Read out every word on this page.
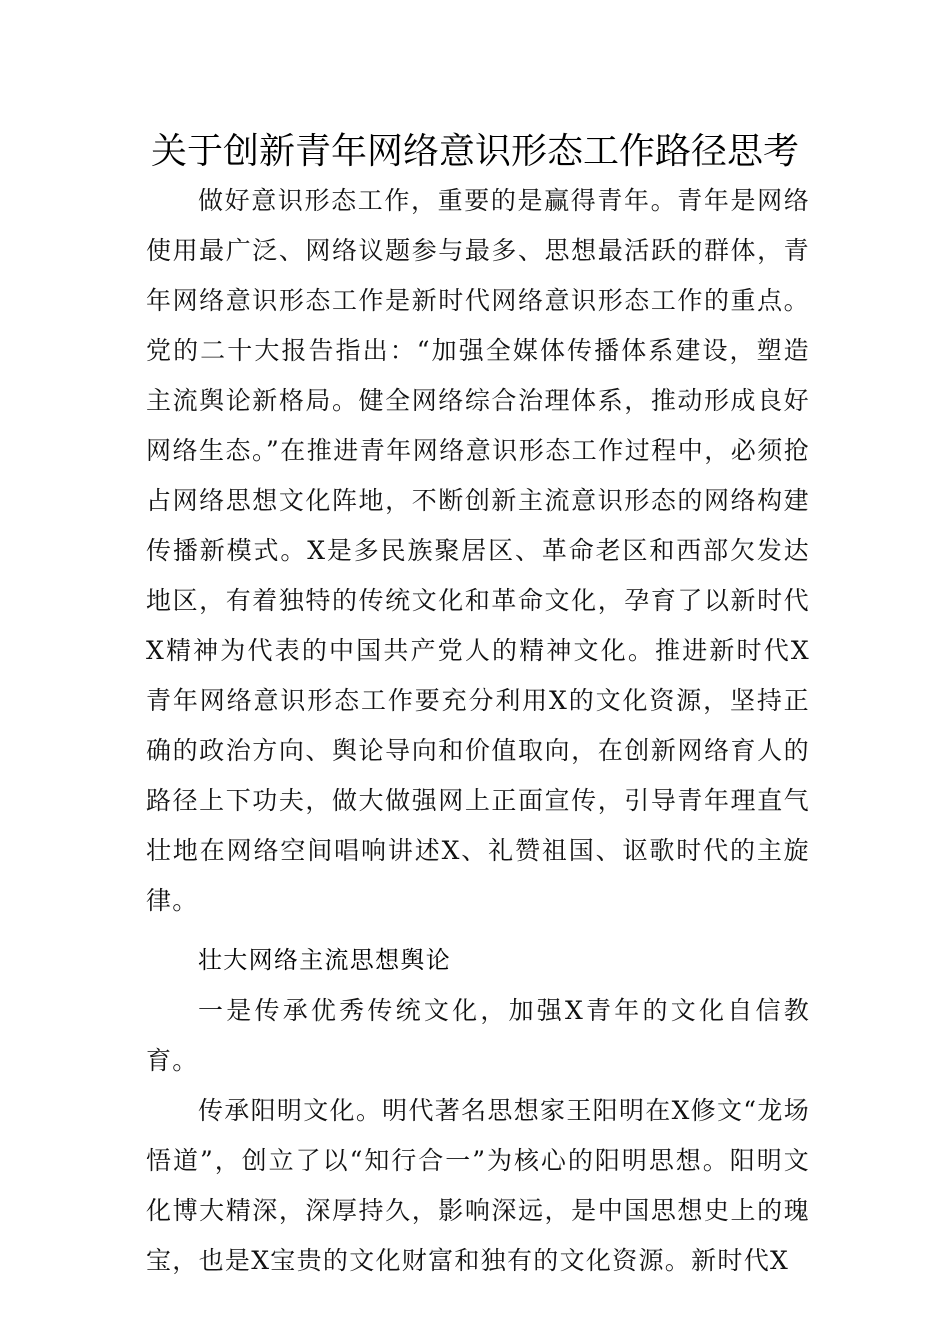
关于创新青年网络意识形态工作路径思考

做好意识形态工作，重要的是赢得青年。青年是网络使用最广泛、网络议题参与最多、思想最活跃的群体，青年网络意识形态工作是新时代网络意识形态工作的重点。党的二十大报告指出：“加强全媒体传播体系建设，塑造主流舆论新格局。健全网络综合治理体系，推动形成良好网络生态。”在推进青年网络意识形态工作过程中，必须抢占网络思想文化阵地，不断创新主流意识形态的网络构建传播新模式。X是多民族聚居区、革命老区和西部欠发达地区，有着独特的传统文化和革命文化，孕育了以新时代X精神为代表的中国共产党人的精神文化。推进新时代X青年网络意识形态工作要充分利用X的文化资源，坚持正确的政治方向、舆论导向和价值取向，在创新网络育人的路径上下功夫，做大做强网上正面宣传，引导青年理直气壮地在网络空间唱响讲述X、礼赞祖国、讴歌时代的主旋律。

壮大网络主流思想舆论

一是传承优秀传统文化，加强X青年的文化自信教育。

传承阳明文化。明代著名思想家王阳明在X修文“龙场悟道”，创立了以“知行合一”为核心的阳明思想。阳明文化博大精深，深厚持久，影响深远，是中国思想史上的瑰宝，也是X宝贵的文化财富和独有的文化资源。新时代X
